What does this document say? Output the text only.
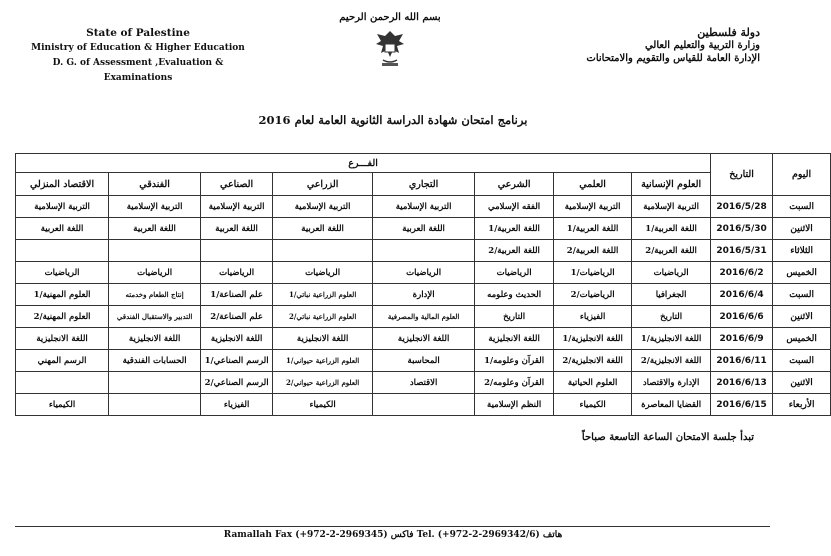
State of Palestine
Ministry of Education & Higher Education
D. G. of Assessment ,Evaluation & Examinations
بسم الله الرحمن الرحيم
دولة فلسطين
وزارة التربية والتعليم العالي
الإدارة العامة للقياس والتقويم والامتحانات
برنامج امتحان شهادة الدراسة الثانوية العامة لعام 2016
اليوم	التاريخ	الفـــرع							
		العلوم الإنسانية	العلمي	الشرعي	التجاري	الزراعي	الصناعي	الفندقي	الاقتصاد المنزلي
السبت	2016/5/28	التربية الإسلامية	التربية الإسلامية	الفقه الإسلامي	التربية الإسلامية	التربية الإسلامية	التربية الإسلامية	التربية الإسلامية	التربية الإسلامية
الاثنين	2016/5/30	اللغة العربية/1	اللغة العربية/1	اللغة العربية/1	اللغة العربية	اللغة العربية	اللغة العربية	اللغة العربية	اللغة العربية
الثلاثاء	2016/5/31	اللغة العربية/2	اللغة العربية/2	اللغة العربية/2					
الخميس	2016/6/2	الرياضيات	الرياضيات/1	الرياضيات	الرياضيات	الرياضيات	الرياضيات	الرياضيات	الرياضيات
السبت	2016/6/4	الجغرافيا	الرياضيات/2	الحديث وعلومه	الإدارة	العلوم الزراعية نباتي/1	علم الصناعة/1	إنتاج الطعام وخدمته	العلوم المهنية/1
الاثنين	2016/6/6	التاريخ	الفيزياء	التاريخ	العلوم المالية والمصرفية	العلوم الزراعية نباتي/2	علم الصناعة/2	التدبير والاستقبال الفندقي	العلوم المهنية/2
الخميس	2016/6/9	اللغة الانجليزية/1	اللغة الانجليزية/1	اللغة الانجليزية	اللغة الانجليزية	اللغة الانجليزية	اللغة الانجليزية	اللغة الانجليزية	اللغة الانجليزية
السبت	2016/6/11	اللغة الانجليزية/2	اللغة الانجليزية/2	القرآن وعلومه/1	المحاسبة	العلوم الزراعية حيواني/1	الرسم الصناعي/1	الحسابات الفندقية	الرسم المهني
الاثنين	2016/6/13	الإدارة والاقتصاد	العلوم الحياتية	القرآن وعلومه/2	الاقتصاد	العلوم الزراعية حيواني/2	الرسم الصناعي/2		
الأربعاء	2016/6/15	القضايا المعاصرة	الكيمياء	النظم الإسلامية		الكيمياء	الفيزياء		الكيمياء
تبدأ جلسة الامتحان الساعة التاسعة صباحاً
Ramallah Fax (+972-2-2969345) فاكس Tel. (+972-2-2969342/6) هاتف
